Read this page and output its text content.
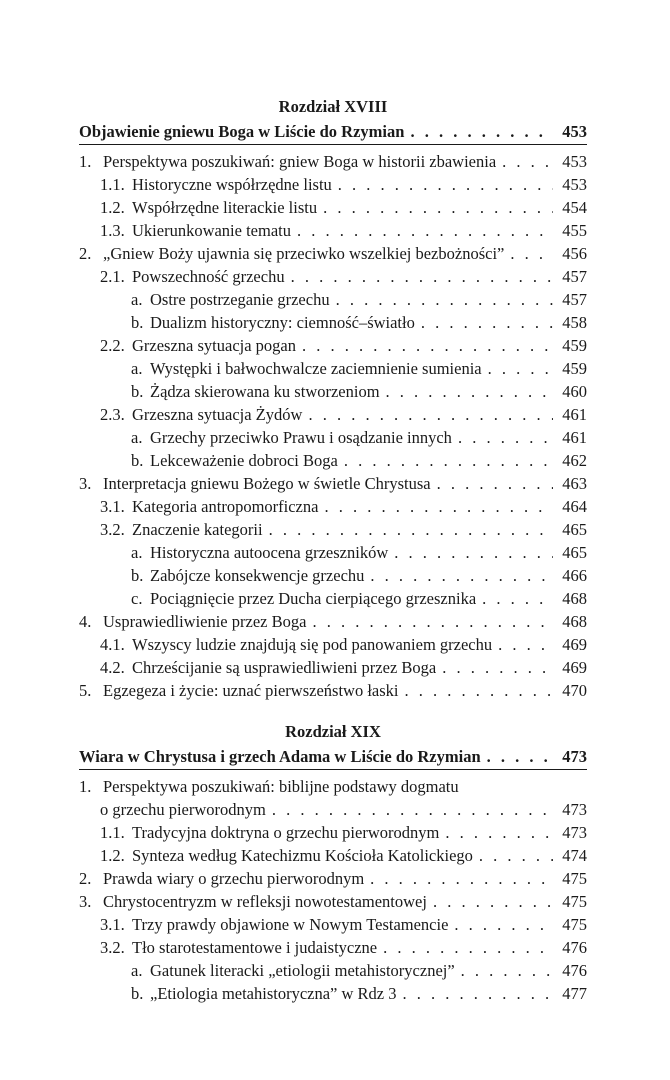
Rozdział XVIII
Objawienie gniewu Boga w Liście do Rzymian . . .	453
1. Perspektywa poszukiwań: gniew Boga w historii zbawienia . . .	453
1.1. Historyczne współrzędne listu . . .	453
1.2. Współrzędne literackie listu . . .	454
1.3. Ukierunkowanie tematu . . .	455
2. „Gniew Boży ujawnia się przeciwko wszelkiej bezbożności” . . .	456
2.1. Powszechność grzechu . . .	457
a. Ostre postrzeganie grzechu . . .	457
b. Dualizm historyczny: ciemność–światło . . .	458
2.2. Grzeszna sytuacja pogan . . .	459
a. Występki i bałwochwalcze zaciemnienie sumienia . . .	459
b. Żądza skierowana ku stworzeniom . . .	460
2.3. Grzeszna sytuacja Żydów . . .	461
a. Grzechy przeciwko Prawu i osądzanie innych . . .	461
b. Lekceważenie dobroci Boga . . .	462
3. Interpretacja gniewu Bożego w świetle Chrystusa . . .	463
3.1. Kategoria antropomorficzna . . .	464
3.2. Znaczenie kategorii . . .	465
a. Historyczna autoocena grzeszników . . .	465
b. Zabójcze konsekwencje grzechu . . .	466
c. Pociągnięcie przez Ducha cierpiącego grzesznika . . .	468
4. Usprawiedliwienie przez Boga . . .	468
4.1. Wszyscy ludzie znajdują się pod panowaniem grzechu . . .	469
4.2. Chrześcijanie są usprawiedliwieni przez Boga . . .	469
5. Egzegeza i życie: uznać pierwszeństwo łaski . . .	470
Rozdział XIX
Wiara w Chrystusa i grzech Adama w Liście do Rzymian . . .	473
1. Perspektywa poszukiwań: biblijne podstawy dogmatu
o grzechu pierworodnym . . .	473
1.1. Tradycyjna doktryna o grzechu pierworodnym . . .	473
1.2. Synteza według Katechizmu Kościoła Katolickiego . . .	474
2. Prawda wiary o grzechu pierworodnym . . .	475
3. Chrystocentryzm w refleksji nowotestamentowej . . .	475
3.1. Trzy prawdy objawione w Nowym Testamencie . . .	475
3.2. Tło starotestamentowe i judaistyczne . . .	476
a. Gatunek literacki „etiologii metahistorycznej” . . .	476
b. „Etiologia metahistoryczna” w Rdz 3 . . .	477
